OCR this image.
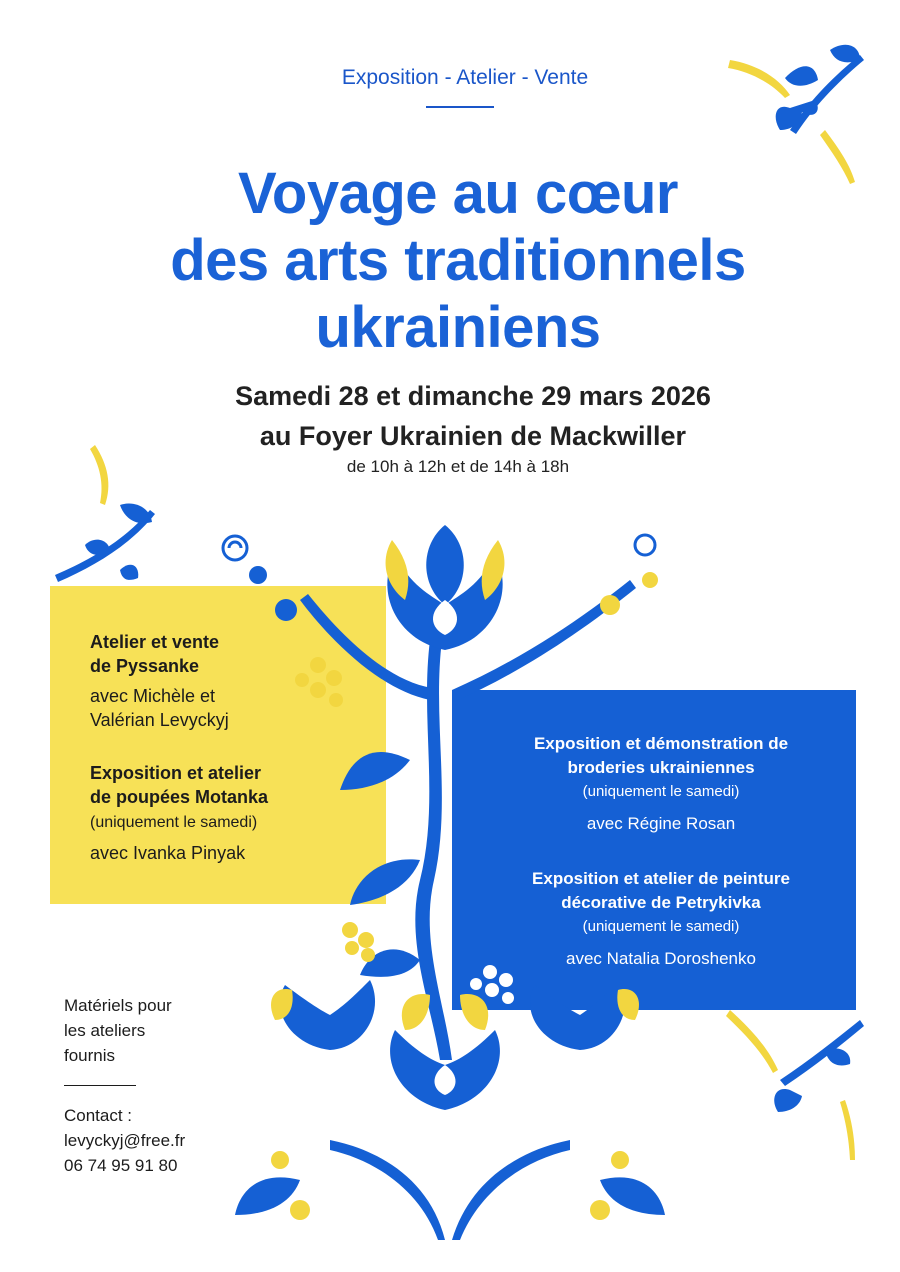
Exposition - Atelier - Vente
Voyage au cœur
des arts traditionnels
ukrainiens
Samedi 28 et dimanche 29 mars 2026
au Foyer Ukrainien de Mackwiller
de 10h à 12h et de 14h à 18h
Atelier et vente
de Pyssanke
avec Michèle et
Valérian Levyckyj
Exposition et atelier
de poupées Motanka
(uniquement le samedi)
avec Ivanka Pinyak
Exposition et démonstration de
broderies ukrainiennes
(uniquement le samedi)
avec Régine Rosan
Exposition et atelier de peinture
décorative de Petrykivka
(uniquement le samedi)
avec Natalia Doroshenko
Matériels pour
les ateliers
fournis
Contact :
levyckyj@free.fr
06 74 95 91 80
